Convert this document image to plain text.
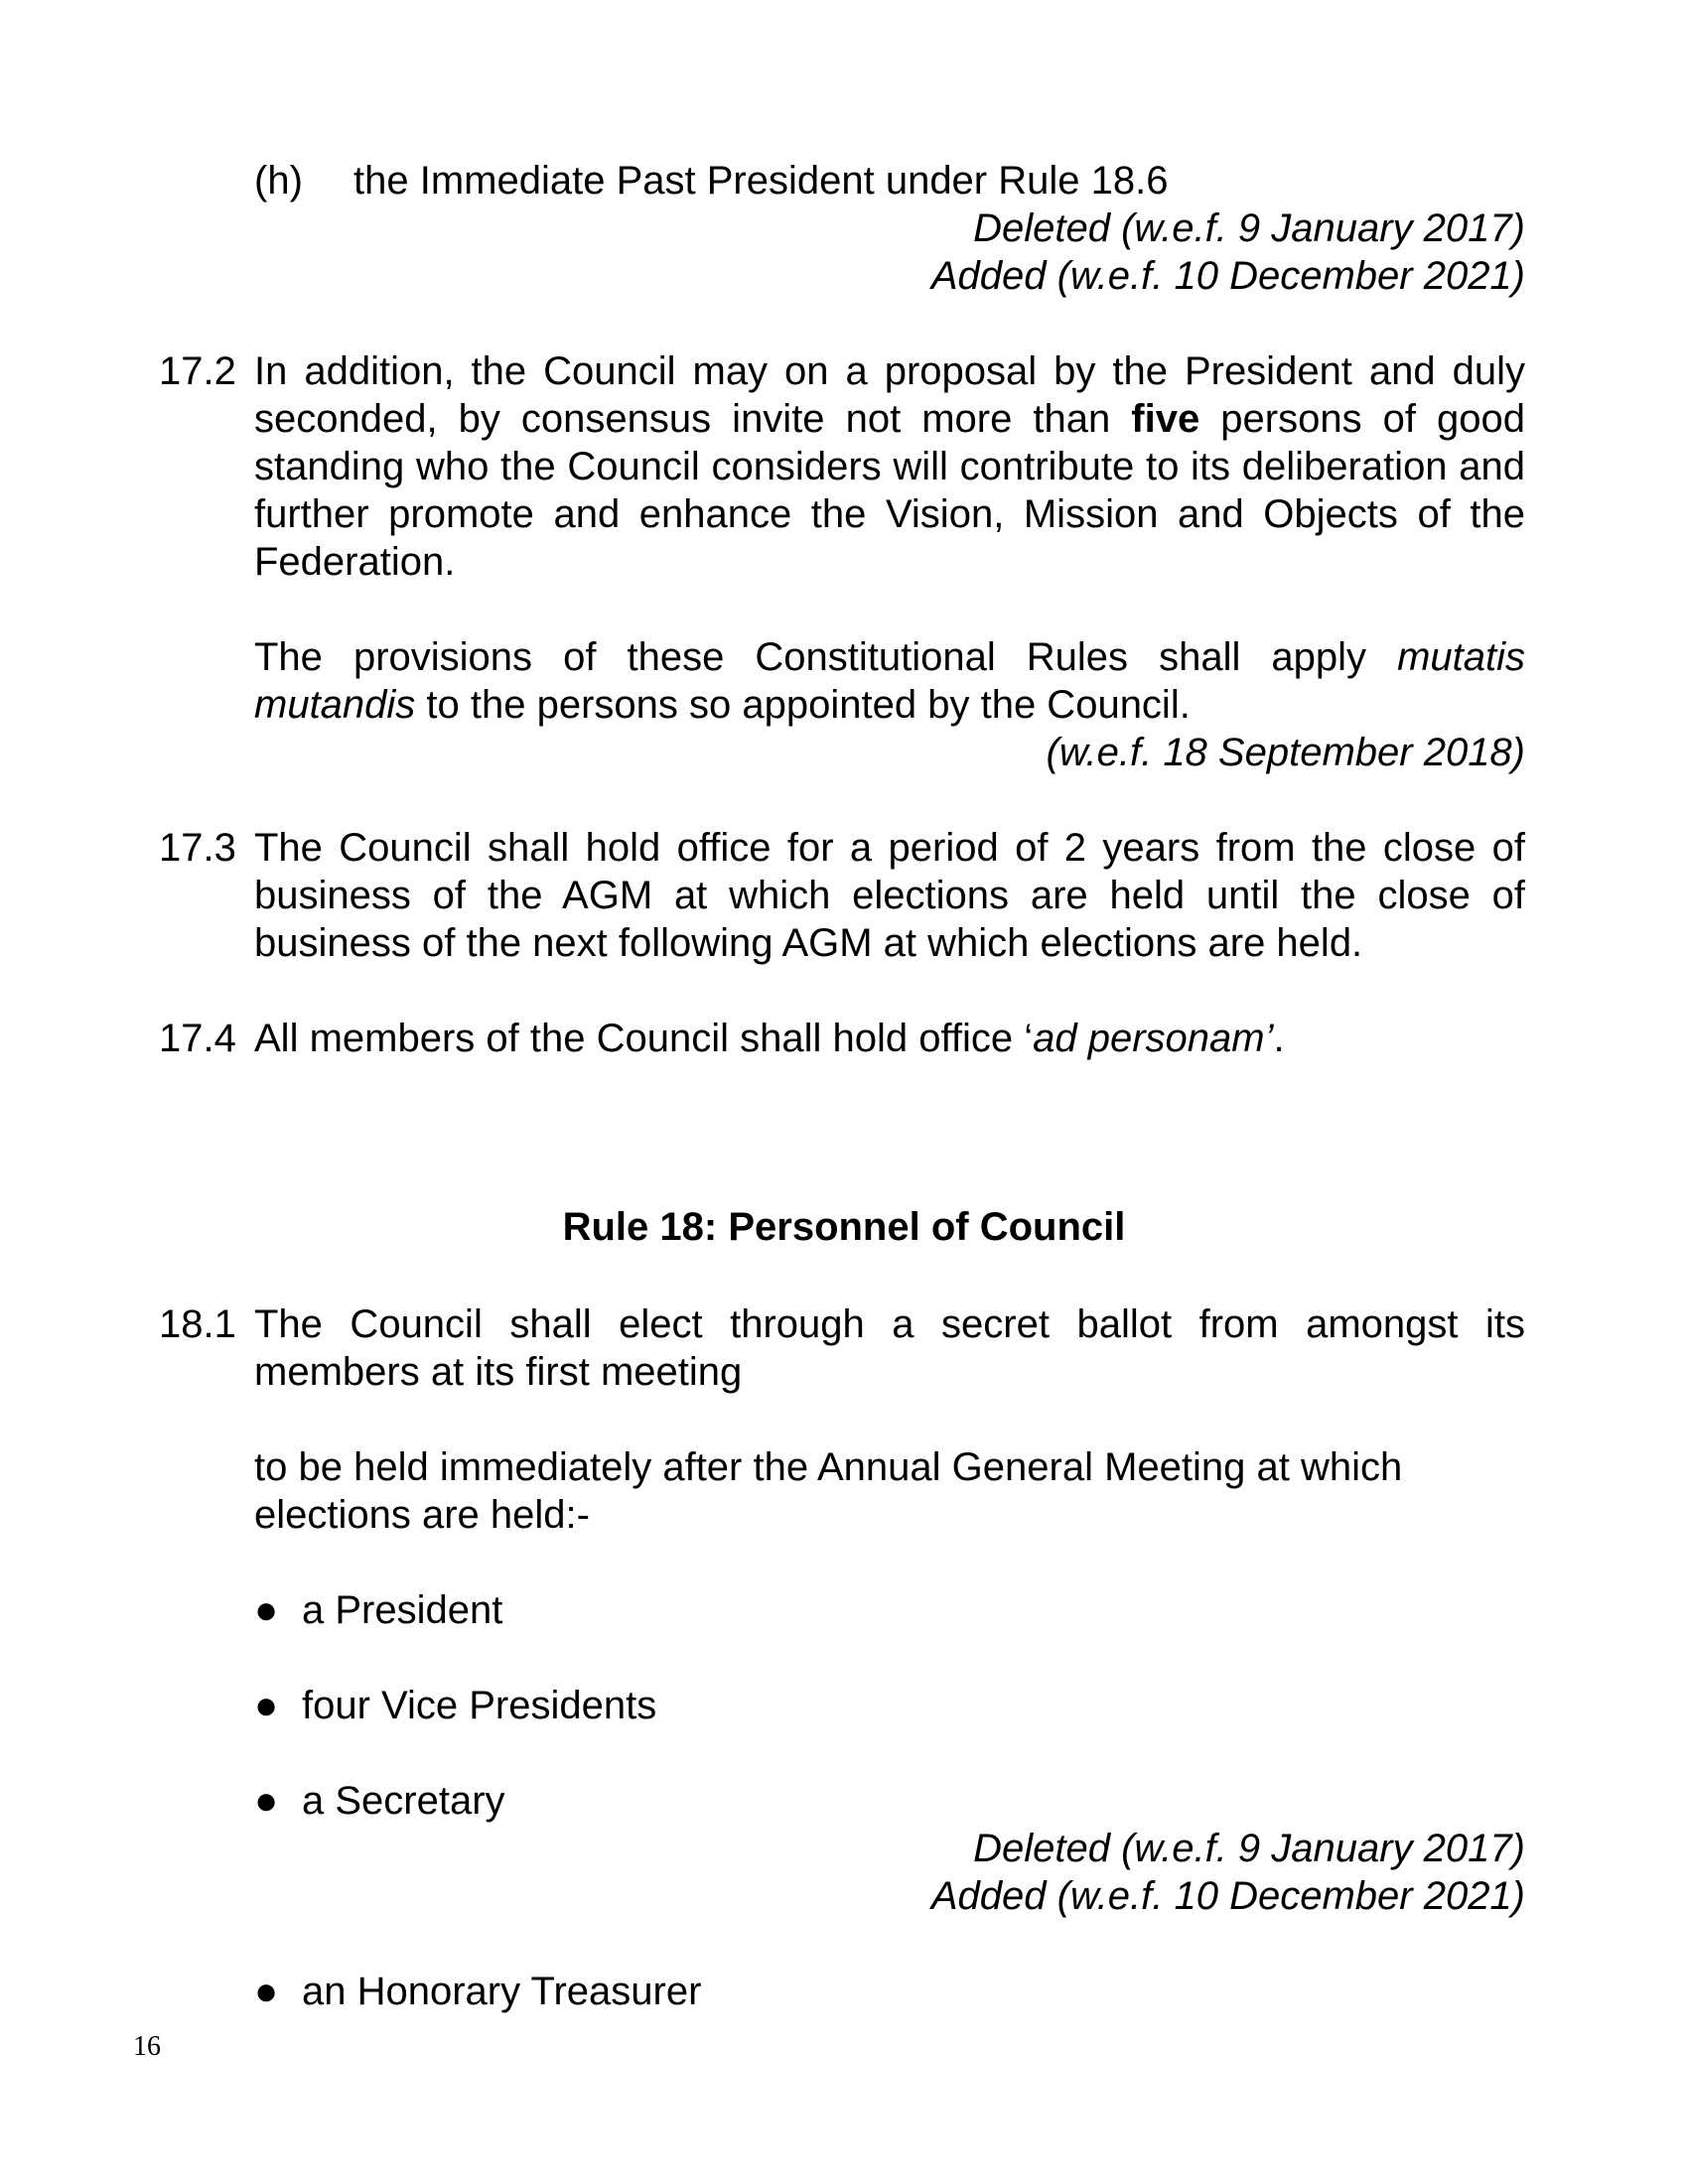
(h) the Immediate Past President under Rule 18.6
Deleted (w.e.f. 9 January 2017)
Added (w.e.f. 10 December 2021)
17.2 In addition, the Council may on a proposal by the President and duly seconded, by consensus invite not more than five persons of good standing who the Council considers will contribute to its deliberation and further promote and enhance the Vision, Mission and Objects of the Federation.
The provisions of these Constitutional Rules shall apply mutatis mutandis to the persons so appointed by the Council.
(w.e.f. 18 September 2018)
17.3 The Council shall hold office for a period of 2 years from the close of business of the AGM at which elections are held until the close of business of the next following AGM at which elections are held.
17.4 All members of the Council shall hold office ‘ad personam’.
Rule 18: Personnel of Council
18.1 The Council shall elect through a secret ballot from amongst its members at its first meeting
to be held immediately after the Annual General Meeting at which elections are held:-
● a President
● four Vice Presidents
● a Secretary
Deleted (w.e.f. 9 January 2017)
Added (w.e.f. 10 December 2021)
● an Honorary Treasurer
16
